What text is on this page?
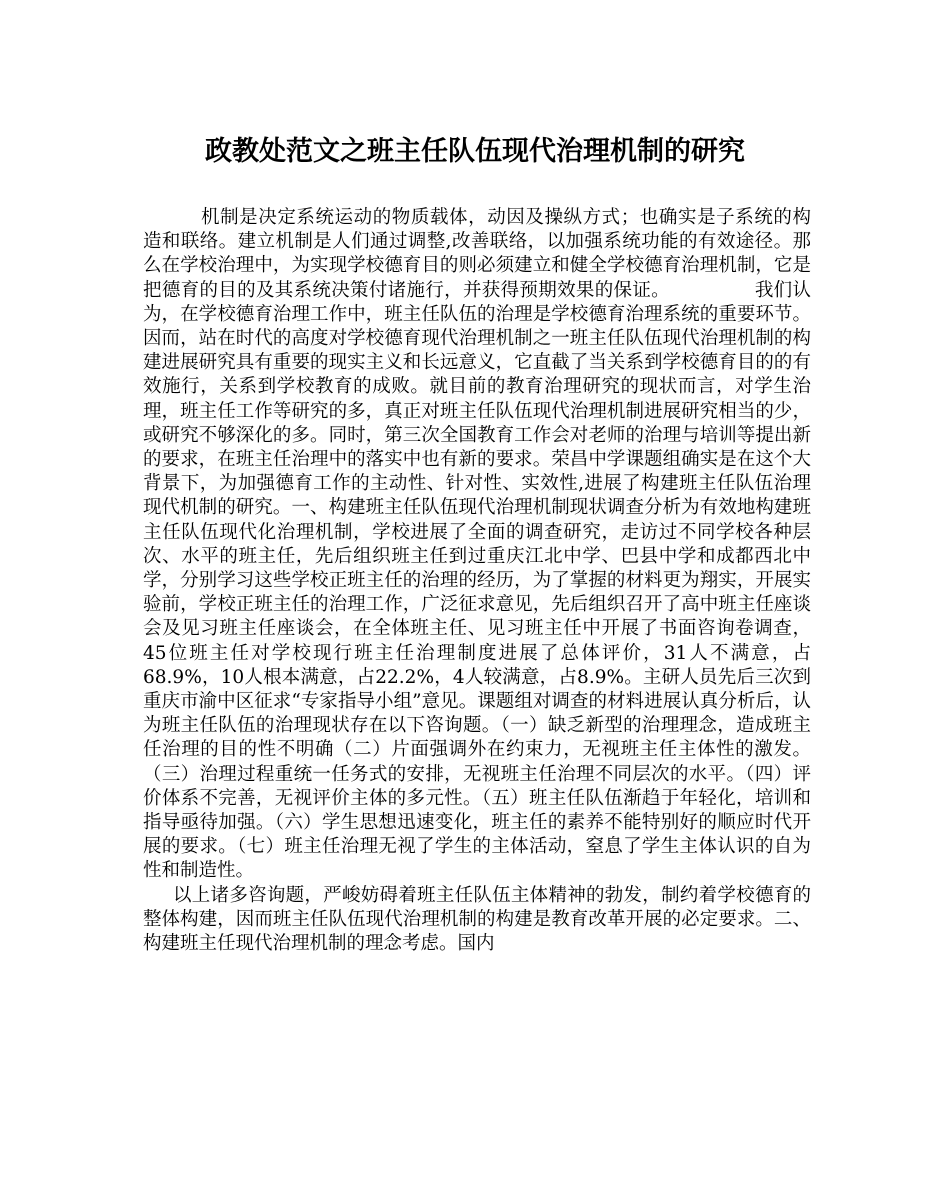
政教处范文之班主任队伍现代治理机制的研究

机制是决定系统运动的物质载体，动因及操纵方式；也确实是子系统的构造和联络。建立机制是人们通过调整,改善联络，以加强系统功能的有效途径。那么在学校治理中，为实现学校德育目的则必须建立和健全学校德育治理机制，它是把德育的目的及其系统决策付诸施行，并获得预期效果的保证。　　　　　我们认为，在学校德育治理工作中，班主任队伍的治理是学校德育治理系统的重要环节。因而，站在时代的高度对学校德育现代治理机制之一班主任队伍现代治理机制的构建进展研究具有重要的现实主义和长远意义，它直截了当关系到学校德育目的的有效施行，关系到学校教育的成败。就目前的教育治理研究的现状而言，对学生治理，班主任工作等研究的多，真正对班主任队伍现代治理机制进展研究相当的少，或研究不够深化的多。同时，第三次全国教育工作会对老师的治理与培训等提出新的要求，在班主任治理中的落实中也有新的要求。荣昌中学课题组确实是在这个大背景下，为加强德育工作的主动性、针对性、实效性,进展了构建班主任队伍治理现代机制的研究。一、构建班主任队伍现代治理机制现状调查分析为有效地构建班主任队伍现代化治理机制，学校进展了全面的调查研究，走访过不同学校各种层次、水平的班主任，先后组织班主任到过重庆江北中学、巴县中学和成都西北中学，分别学习这些学校正班主任的治理的经历，为了掌握的材料更为翔实，开展实验前，学校正班主任的治理工作，广泛征求意见，先后组织召开了高中班主任座谈会及见习班主任座谈会，在全体班主任、见习班主任中开展了书面咨询卷调查，45位班主任对学校现行班主任治理制度进展了总体评价，31人不满意，占68.9%，10人根本满意，占22.2%，4人较满意，占8.9%。主研人员先后三次到重庆市渝中区征求“专家指导小组”意见。课题组对调查的材料进展认真分析后，认为班主任队伍的治理现状存在以下咨询题。（一）缺乏新型的治理理念，造成班主任治理的目的性不明确（二）片面强调外在约束力，无视班主任主体性的激发。（三）治理过程重统一任务式的安排，无视班主任治理不同层次的水平。（四）评价体系不完善，无视评价主体的多元性。（五）班主任队伍渐趋于年轻化，培训和指导亟待加强。（六）学生思想迅速变化，班主任的素养不能特别好的顺应时代开展的要求。（七）班主任治理无视了学生的主体活动，窒息了学生主体认识的自为性和制造性。

以上诸多咨询题，严峻妨碍着班主任队伍主体精神的勃发，制约着学校德育的整体构建，因而班主任队伍现代治理机制的构建是教育改革开展的必定要求。二、构建班主任现代治理机制的理念考虑。国内
